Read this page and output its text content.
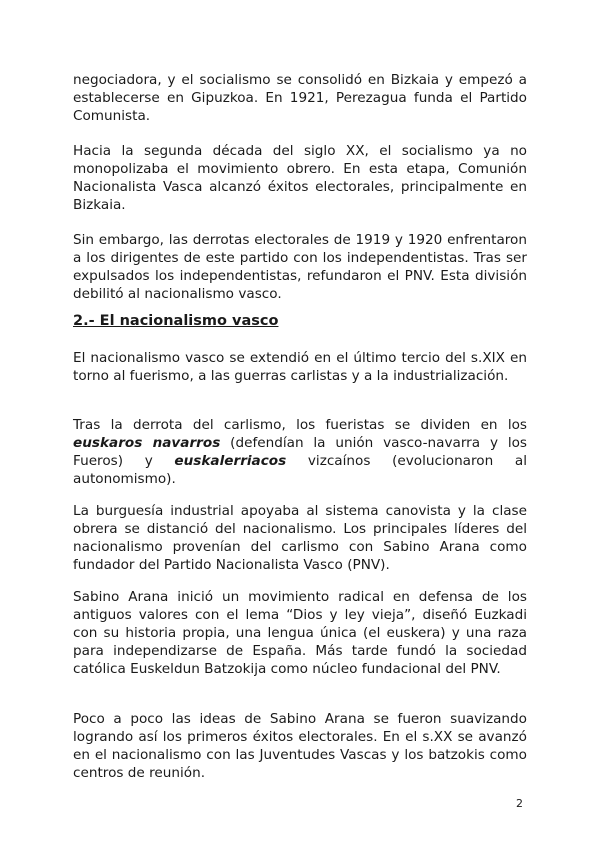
negociadora, y el socialismo se consolidó en Bizkaia y empezó a establecerse en Gipuzkoa. En 1921, Perezagua funda el Partido Comunista.

Hacia la segunda década del siglo XX, el socialismo ya no monopolizaba el movimiento obrero. En esta etapa, Comunión Nacionalista Vasca alcanzó éxitos electorales, principalmente en Bizkaia.

Sin embargo, las derrotas electorales de 1919 y 1920 enfrentaron a los dirigentes de este partido con los independentistas. Tras ser expulsados los independentistas, refundaron el PNV. Esta división debilitó al nacionalismo vasco.

2.- El nacionalismo vasco

El nacionalismo vasco se extendió en el último tercio del s.XIX en torno al fuerismo, a las guerras carlistas y a la industrialización.

Tras la derrota del carlismo, los fueristas se dividen en los euskaros navarros (defendían la unión vasco-navarra y los Fueros) y euskalerriacos vizcaínos (evolucionaron al autonomismo).

La burguesía industrial apoyaba al sistema canovista y la clase obrera se distanció del nacionalismo. Los principales líderes del nacionalismo provenían del carlismo con Sabino Arana como fundador del Partido Nacionalista Vasco (PNV).

Sabino Arana inició un movimiento radical en defensa de los antiguos valores con el lema “Dios y ley vieja”, diseñó Euzkadi con su historia propia, una lengua única (el euskera) y una raza para independizarse de España. Más tarde fundó la sociedad católica Euskeldun Batzokija como núcleo fundacional del PNV.

Poco a poco las ideas de Sabino Arana se fueron suavizando logrando así los primeros éxitos electorales. En el s.XX se avanzó en el nacionalismo con las Juventudes Vascas y los batzokis como centros de reunión.

2
